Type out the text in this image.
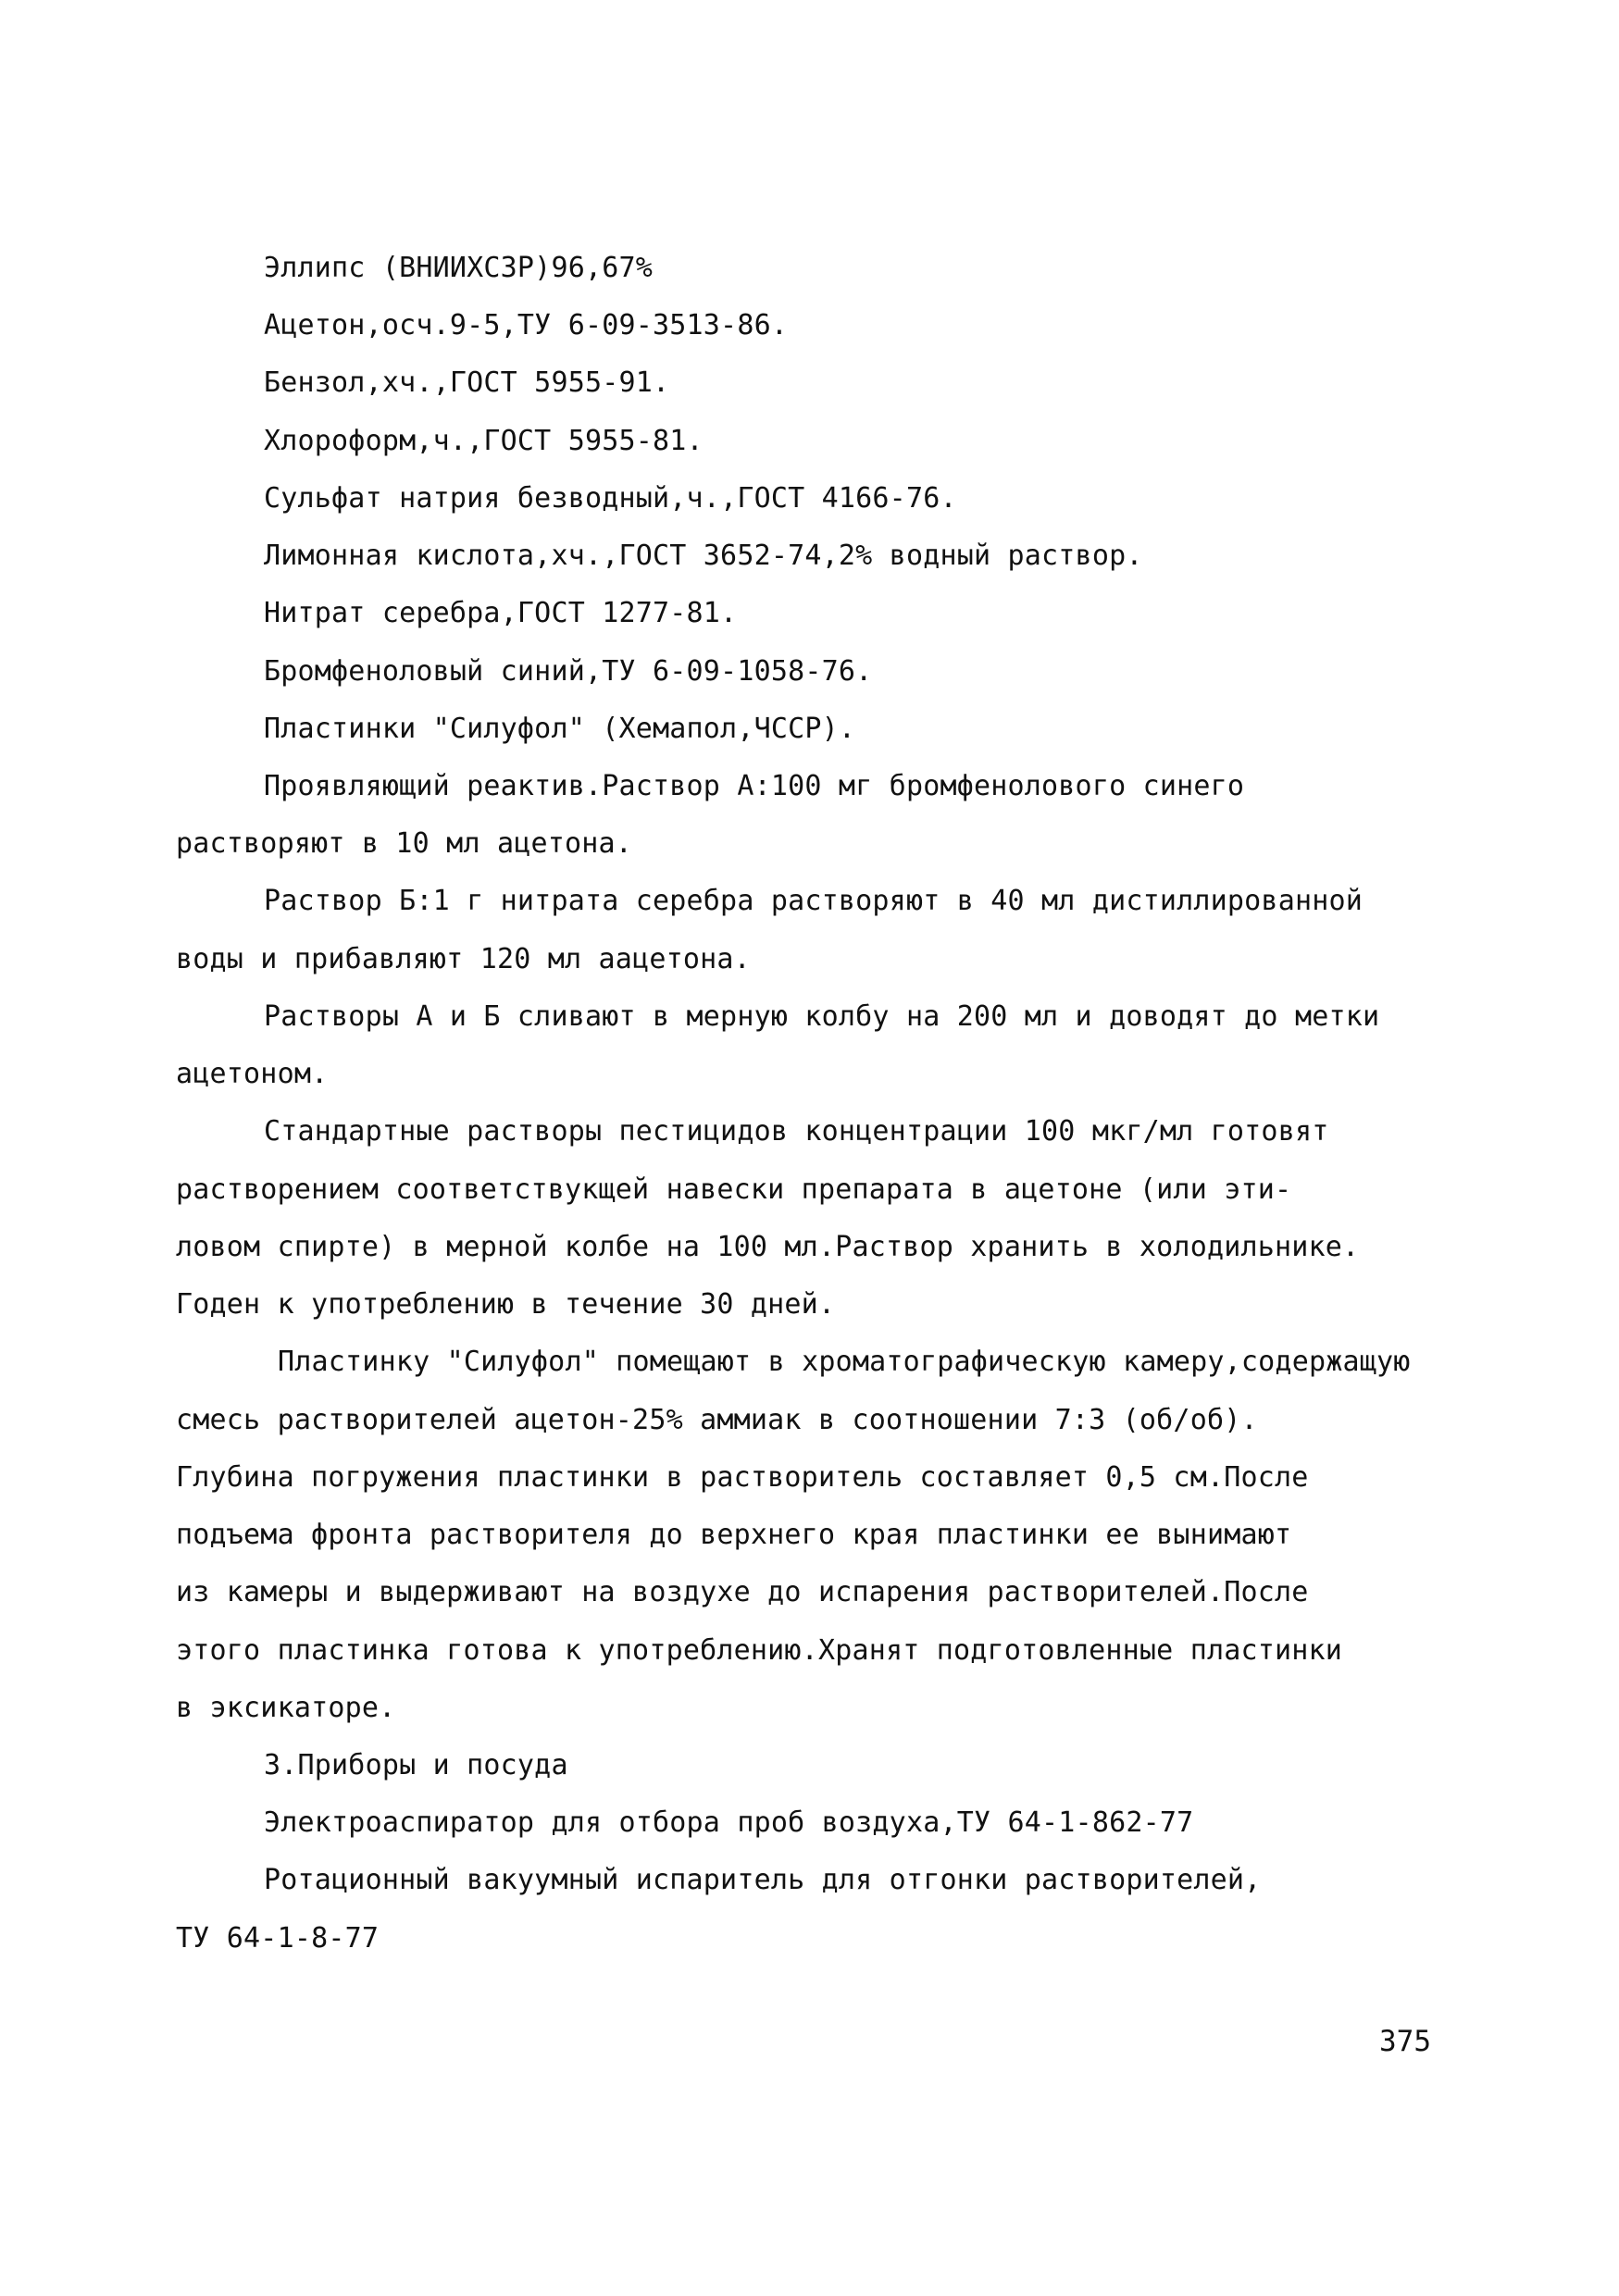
Эллипс (ВНИИХСЗР)96,67%
Ацетон,осч.9-5,ТУ 6-09-3513-86.
Бензол,хч.,ГОСТ 5955-91.
Хлороформ,ч.,ГОСТ 5955-81.
Сульфат натрия безводный,ч.,ГОСТ 4166-76.
Лимонная кислота,хч.,ГОСТ 3652-74,2% водный раствор.
Нитрат серебра,ГОСТ 1277-81.
Бромфеноловый синий,ТУ 6-09-1058-76.
Пластинки "Силуфол" (Хемапол,ЧССР).
Проявляющий реактив.Раствор А:100 мг бромфенолового синего
растворяют в 10 мл ацетона.
Раствор Б:1 г нитрата серебра растворяют в 40 мл дистиллированной
воды и прибавляют 120 мл аацетона.
Растворы А и Б сливают в мерную колбу на 200 мл и доводят до метки
ацетоном.
Стандартные растворы пестицидов концентрации 100 мкг/мл готовят
растворением соответствукщей навески препарата в ацетоне (или эти-
ловом спирте) в мерной колбе на 100 мл.Раствор хранить в холодильнике.
Годен к употреблению в течение 30 дней.
Пластинку "Силуфол" помещают в хроматографическую камеру,содержащую
смесь растворителей ацетон-25% аммиак в соотношении 7:3 (об/об).
Глубина погружения пластинки в растворитель составляет 0,5 см.После
подъема фронта растворителя до верхнего края пластинки ее вынимают
из камеры и выдерживают на воздухе до испарения растворителей.После
этого пластинка готова к употреблению.Хранят подготовленные пластинки
в эксикаторе.
3.Приборы и посуда
Электроаспиратор для отбора проб воздуха,ТУ 64-1-862-77
Ротационный вакуумный испаритель для отгонки растворителей,
ТУ 64-1-8-77
375
